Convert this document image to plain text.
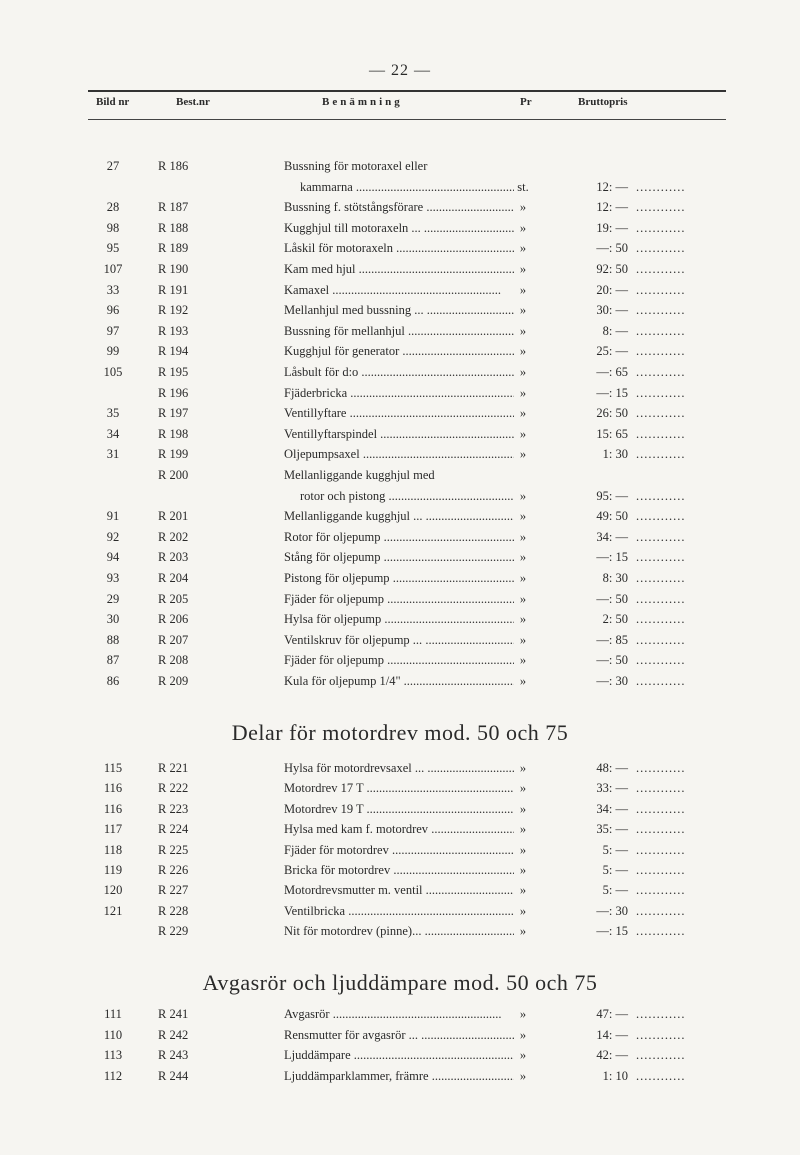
— 22 —
Bild nr	Best.nr	Benämning	Pr	Bruttopris
27	R 186	Bussning för motoraxel eller
kammarna .....	st.	12: — ............
28	R 187	Bussning f. stötstångsförare .....	»	12: — ............
98	R 188	Kugghjul till motoraxeln ... .....	»	19: — ............
95	R 189	Låskil för motoraxeln .....	»	—: 50 ............
107	R 190	Kam med hjul .....	»	92: 50 ............
33	R 191	Kamaxel .....	»	20: — ............
96	R 192	Mellanhjul med bussning ... .....	»	30: — ............
97	R 193	Bussning för mellanhjul .....	»	8: — ............
99	R 194	Kugghjul för generator .....	»	25: — ............
105	R 195	Låsbult för d:o .....	»	—: 65 ............
R 196	Fjäderbricka .....	»	—: 15 ............
35	R 197	Ventillyftare .....	»	26: 50 ............
34	R 198	Ventillyftarspindel .....	»	15: 65 ............
31	R 199	Oljepumpsaxel .....	»	1: 30 ............
R 200	Mellanliggande kugghjul med
rotor och pistong .....	»	95: — ............
91	R 201	Mellanliggande kugghjul ... .....	»	49: 50 ............
92	R 202	Rotor för oljepump .....	»	34: — ............
94	R 203	Stång för oljepump .....	»	—: 15 ............
93	R 204	Pistong för oljepump .....	»	8: 30 ............
29	R 205	Fjäder för oljepump .....	»	—: 50 ............
30	R 206	Hylsa för oljepump .....	»	2: 50 ............
88	R 207	Ventilskruv för oljepump ... .....	»	—: 85 ............
87	R 208	Fjäder för oljepump .....	»	—: 50 ............
86	R 209	Kula för oljepump 1/4" .....	»	—: 30 ............
Delar för motordrev mod. 50 och 75
115	R 221	Hylsa för motordrevsaxel ... .....	»	48: — ............
116	R 222	Motordrev 17 T .....	»	33: — ............
116	R 223	Motordrev 19 T .....	»	34: — ............
117	R 224	Hylsa med kam f. motordrev .....	»	35: — ............
118	R 225	Fjäder för motordrev .....	»	5: — ............
119	R 226	Bricka för motordrev .....	»	5: — ............
120	R 227	Motordrevsmutter m. ventil .....	»	5: — ............
121	R 228	Ventilbricka .....	»	—: 30 ............
R 229	Nit för motordrev (pinne)... .....	»	—: 15 ............
Avgasrör och ljuddämpare mod. 50 och 75
111	R 241	Avgasrör .....	»	47: — ............
110	R 242	Rensmutter för avgasrör ... .....	»	14: — ............
113	R 243	Ljuddämpare .....	»	42: — ............
112	R 244	Ljuddämparklammer, främre .....	»	1: 10 ............
